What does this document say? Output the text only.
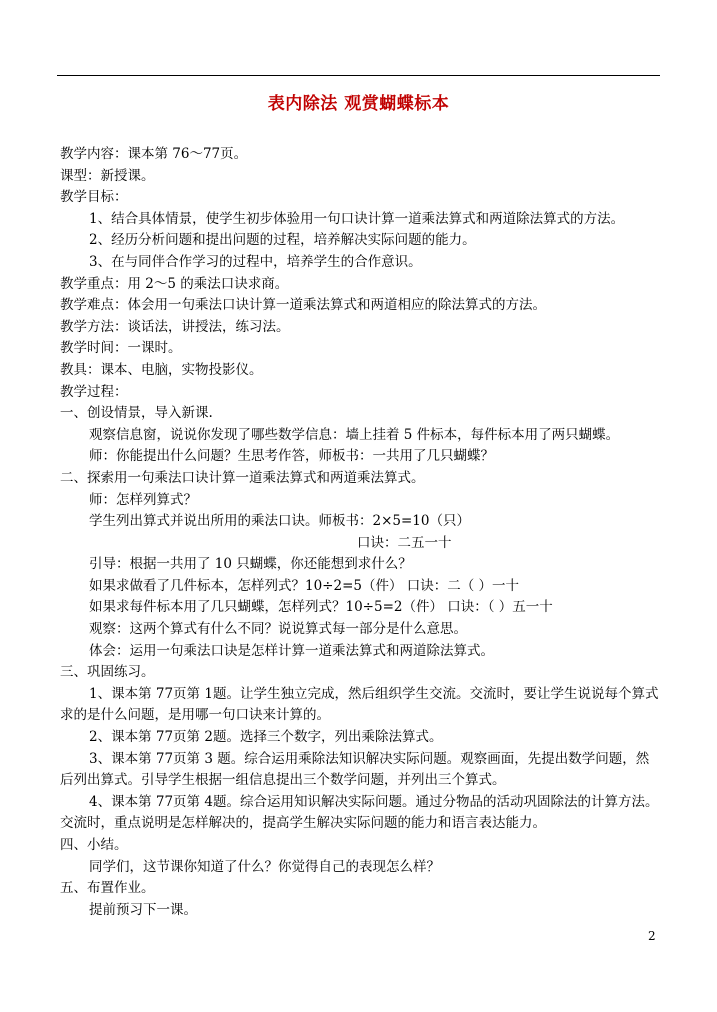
表内除法 观赏蝴蝶标本
教学内容：课本第 76～77页。
课型：新授课。
教学目标：
1、结合具体情景，使学生初步体验用一句口诀计算一道乘法算式和两道除法算式的方法。
2、经历分析问题和提出问题的过程，培养解决实际问题的能力。
3、在与同伴合作学习的过程中，培养学生的合作意识。
教学重点：用 2～5 的乘法口诀求商。
教学难点：体会用一句乘法口诀计算一道乘法算式和两道相应的除法算式的方法。
教学方法：谈话法，讲授法，练习法。
教学时间：一课时。
教具：课本、电脑，实物投影仪。
教学过程：
一、创设情景，导入新课.
观察信息窗，说说你发现了哪些数学信息：墙上挂着 5 件标本，每件标本用了两只蝴蝶。
师：你能提出什么问题？生思考作答，师板书：一共用了几只蝴蝶？
二、探索用一句乘法口诀计算一道乘法算式和两道乘法算式。
师：怎样列算式？
学生列出算式并说出所用的乘法口诀。师板书：2×5=10（只）
口诀：二五一十
引导：根据一共用了 10 只蝴蝶，你还能想到求什么？
如果求做看了几件标本，怎样列式？10÷2=5（件） 口诀：二（ ）一十
如果求每件标本用了几只蝴蝶，怎样列式？10÷5=2（件） 口诀：（ ）五一十
观察：这两个算式有什么不同？说说算式每一部分是什么意思。
体会：运用一句乘法口诀是怎样计算一道乘法算式和两道除法算式。
三、巩固练习。
1、课本第 77页第 1题。让学生独立完成，然后组织学生交流。交流时，要让学生说说每个算式求的是什么问题，是用哪一句口诀来计算的。
2、课本第 77页第 2题。选择三个数字，列出乘除法算式。
3、课本第 77页第 3 题。综合运用乘除法知识解决实际问题。观察画面，先提出数学问题，然后列出算式。引导学生根据一组信息提出三个数学问题，并列出三个算式。
4、课本第 77页第 4题。综合运用知识解决实际问题。通过分物品的活动巩固除法的计算方法。交流时，重点说明是怎样解决的，提高学生解决实际问题的能力和语言表达能力。
四、小结。
同学们，这节课你知道了什么？你觉得自己的表现怎么样？
五、布置作业。
提前预习下一课。
2
